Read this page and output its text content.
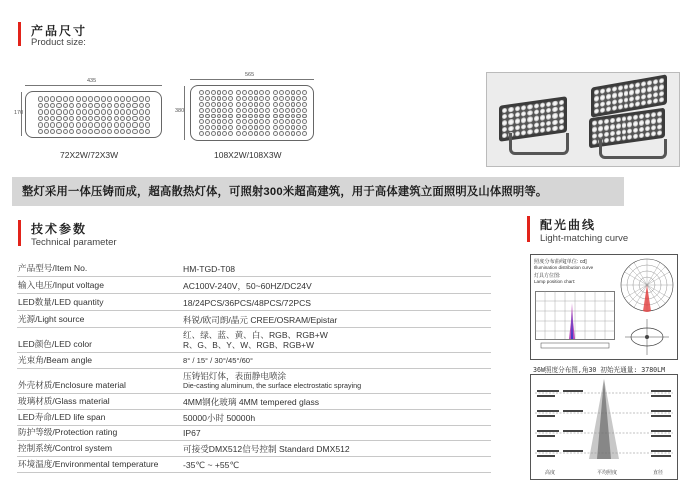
产品尺寸
Product size:
435
170
72X2W/72X3W
565
380
108X2W/108X3W
整灯采用一体压铸而成，超高散热灯体，可照射300米超高建筑，用于高体建筑立面照明及山体照明等。
技术参数
Technical parameter
产品型号/Item No.	HM-TGD-T08
输入电压/Input voltage	AC100V-240V，50~60HZ/DC24V
LED数量/LED quantity	18/24PCS/36PCS/48PCS/72PCS
光源/Light source	科锐/欧司朗/晶元 CREE/OSRAM/Epistar
LED颜色/LED color
红、绿、蓝、黄、白、RGB、RGB+W
R、G、B、Y、W、RGB、RGB+W
光束角/Beam angle	8° / 15° / 30°/45°/60°
外壳材质/Enclosure material
压铸铝灯体，表面静电喷涂
Die-casting aluminum, the surface electrostatic spraying
玻璃材质/Glass material	4MM钢化玻璃 4MM tempered glass
LED寿命/LED life span	50000小时 50000h
防护等级/Protection rating	IP67
控制系统/Control system	可接受DMX512信号控制 Standard DMX512
环境温度/Environmental temperature	-35℃ ~ +55℃
配光曲线
Light-matching curve
照度分布曲线[单位: cd]
Illumination distribution curve
灯具方位图:
Lamp position chart:
36W照度分布图,角30 初始光通量: 3780LM
高度	平均照度	直径
